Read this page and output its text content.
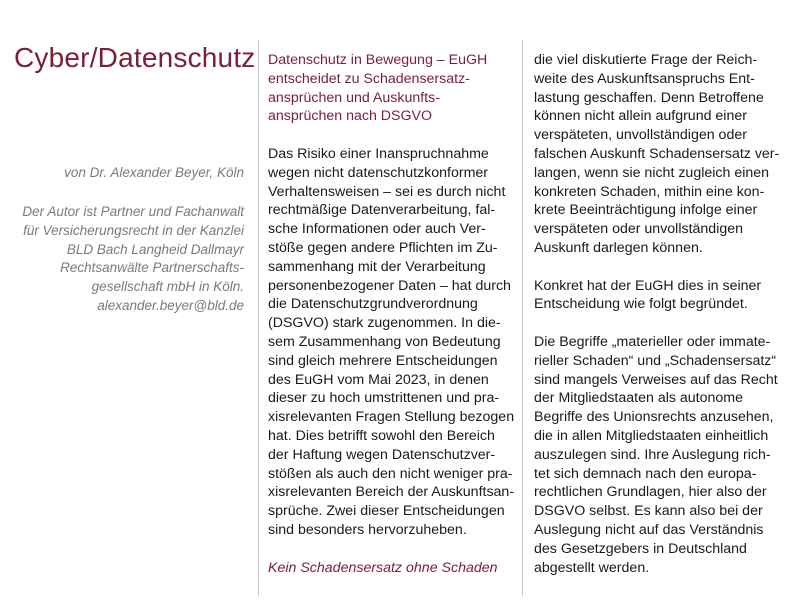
Cyber/Datenschutz
von Dr. Alexander Beyer, Köln
Der Autor ist Partner und Fachanwalt
für Versicherungsrecht in der Kanzlei
BLD Bach Langheid Dallmayr
Rechtsanwälte Partnerschafts-
gesellschaft mbH in Köln.
alexander.beyer@bld.de
Datenschutz in Bewegung – EuGH
entscheidet zu Schadensersatz-
ansprüchen und Auskunfts-
ansprüchen nach DSGVO
Das Risiko einer Inanspruchnahme
wegen nicht datenschutzkonformer
Verhaltensweisen – sei es durch nicht
rechtmäßige Datenverarbeitung, fal-
sche Informationen oder auch Ver-
stöße gegen andere Pflichten im Zu-
sammenhang mit der Verarbeitung
personenbezogener Daten – hat durch
die Datenschutzgrundverordnung
(DSGVO) stark zugenommen. In die-
sem Zusammenhang von Bedeutung
sind gleich mehrere Entscheidungen
des EuGH vom Mai 2023, in denen
dieser zu hoch umstrittenen und pra-
xisrelevanten Fragen Stellung bezogen
hat. Dies betrifft sowohl den Bereich
der Haftung wegen Datenschutzver-
stößen als auch den nicht weniger pra-
xisrelevanten Bereich der Auskunftsan-
sprüche. Zwei dieser Entscheidungen
sind besonders hervorzuheben.
Kein Schadensersatz ohne Schaden
die viel diskutierte Frage der Reich-
weite des Auskunftsanspruchs Ent-
lastung geschaffen. Denn Betroffene
können nicht allein aufgrund einer
verspäteten, unvollständigen oder
falschen Auskunft Schadensersatz ver-
langen, wenn sie nicht zugleich einen
konkreten Schaden, mithin eine kon-
krete Beeinträchtigung infolge einer
verspäteten oder unvollständigen
Auskunft darlegen können.
Konkret hat der EuGH dies in seiner
Entscheidung wie folgt begründet.
Die Begriffe „materieller oder immate-
rieller Schaden“ und „Schadensersatz“
sind mangels Verweises auf das Recht
der Mitgliedstaaten als autonome
Begriffe des Unionsrechts anzusehen,
die in allen Mitgliedstaaten einheitlich
auszulegen sind. Ihre Auslegung rich-
tet sich demnach nach den europa-
rechtlichen Grundlagen, hier also der
DSGVO selbst. Es kann also bei der
Auslegung nicht auf das Verständnis
des Gesetzgebers in Deutschland
abgestellt werden.
